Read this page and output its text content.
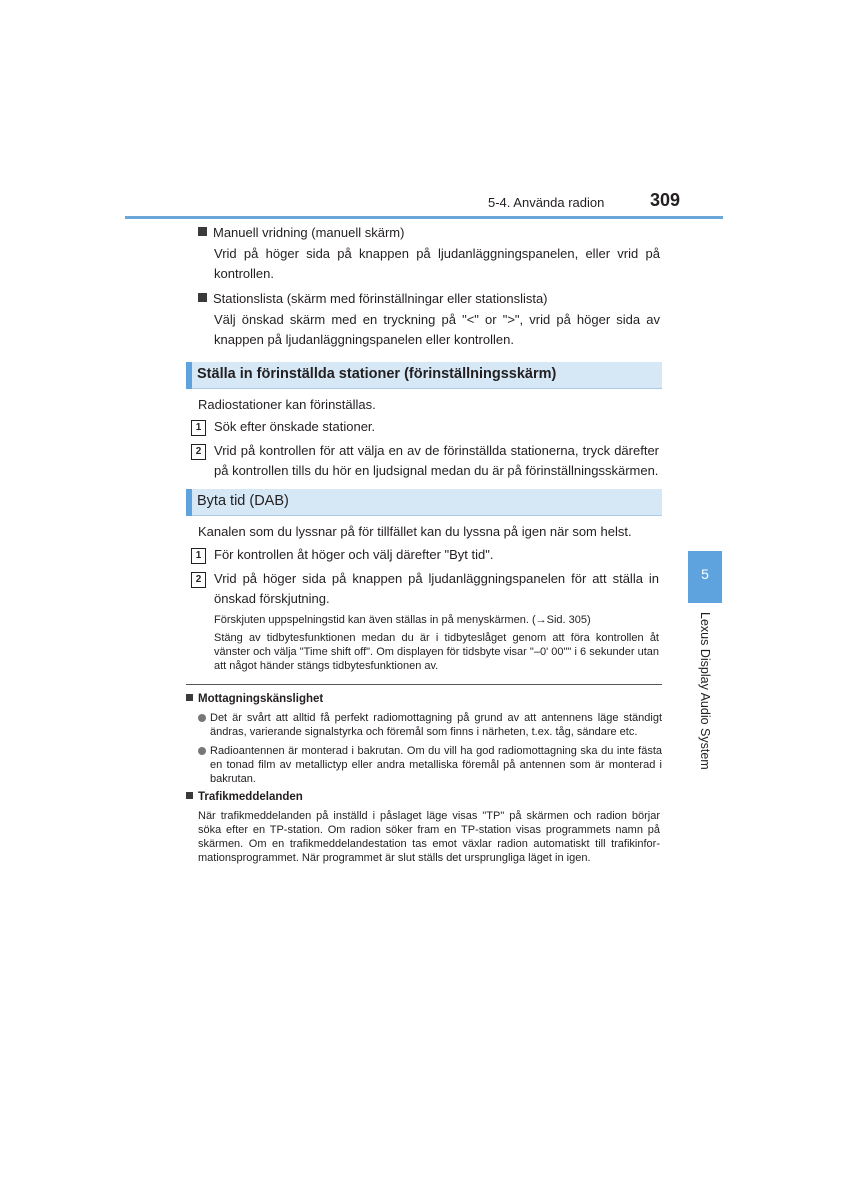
5-4. Använda radion	309
5
Lexus Display Audio System
Manuell vridning (manuell skärm)
Vrid på höger sida på knappen på ljudanläggningspanelen, eller vrid på kontrollen.
Stationslista (skärm med förinställningar eller stationslista)
Välj önskad skärm med en tryckning på "<" or ">", vrid på höger sida av knappen på ljudanläggningspanelen eller kontrollen.
Ställa in förinställda stationer (förinställningsskärm)
Radiostationer kan förinställas.
1 Sök efter önskade stationer.
2 Vrid på kontrollen för att välja en av de förinställda stationerna, tryck därefter på kontrollen tills du hör en ljudsignal medan du är på förinställningsskärmen.
Byta tid (DAB)
Kanalen som du lyssnar på för tillfället kan du lyssna på igen när som helst.
1 För kontrollen åt höger och välj därefter "Byt tid".
2 Vrid på höger sida på knappen på ljudanläggningspanelen för att ställa in önskad förskjutning.
Förskjuten uppspelningstid kan även ställas in på menyskärmen. (→Sid. 305)
Stäng av tidbytesfunktionen medan du är i tidbyteslåget genom att föra kontrollen åt vänster och välja "Time shift off". Om displayen för tidsbyte visar "–0' 00"" i 6 sekunder utan att något händer stängs tidbytesfunktionen av.
Mottagningskänslighet
Det är svårt att alltid få perfekt radiomottagning på grund av att antennens läge ständigt ändras, varierande signalstyrka och föremål som finns i närheten, t.ex. tåg, sändare etc.
Radioantennen är monterad i bakrutan. Om du vill ha god radiomottagning ska du inte fästa en tonad film av metallictyp eller andra metalliska föremål på antennen som är monterad i bakrutan.
Trafikmeddelanden
När trafikmeddelanden på inställd i påslaget läge visas "TP" på skärmen och radion börjar söka efter en TP-station. Om radion söker fram en TP-station visas programmets namn på skärmen. Om en trafikmeddelandestation tas emot växlar radion automatiskt till trafikinfor-mationsprogrammet. När programmet är slut ställs det ursprungliga läget in igen.
